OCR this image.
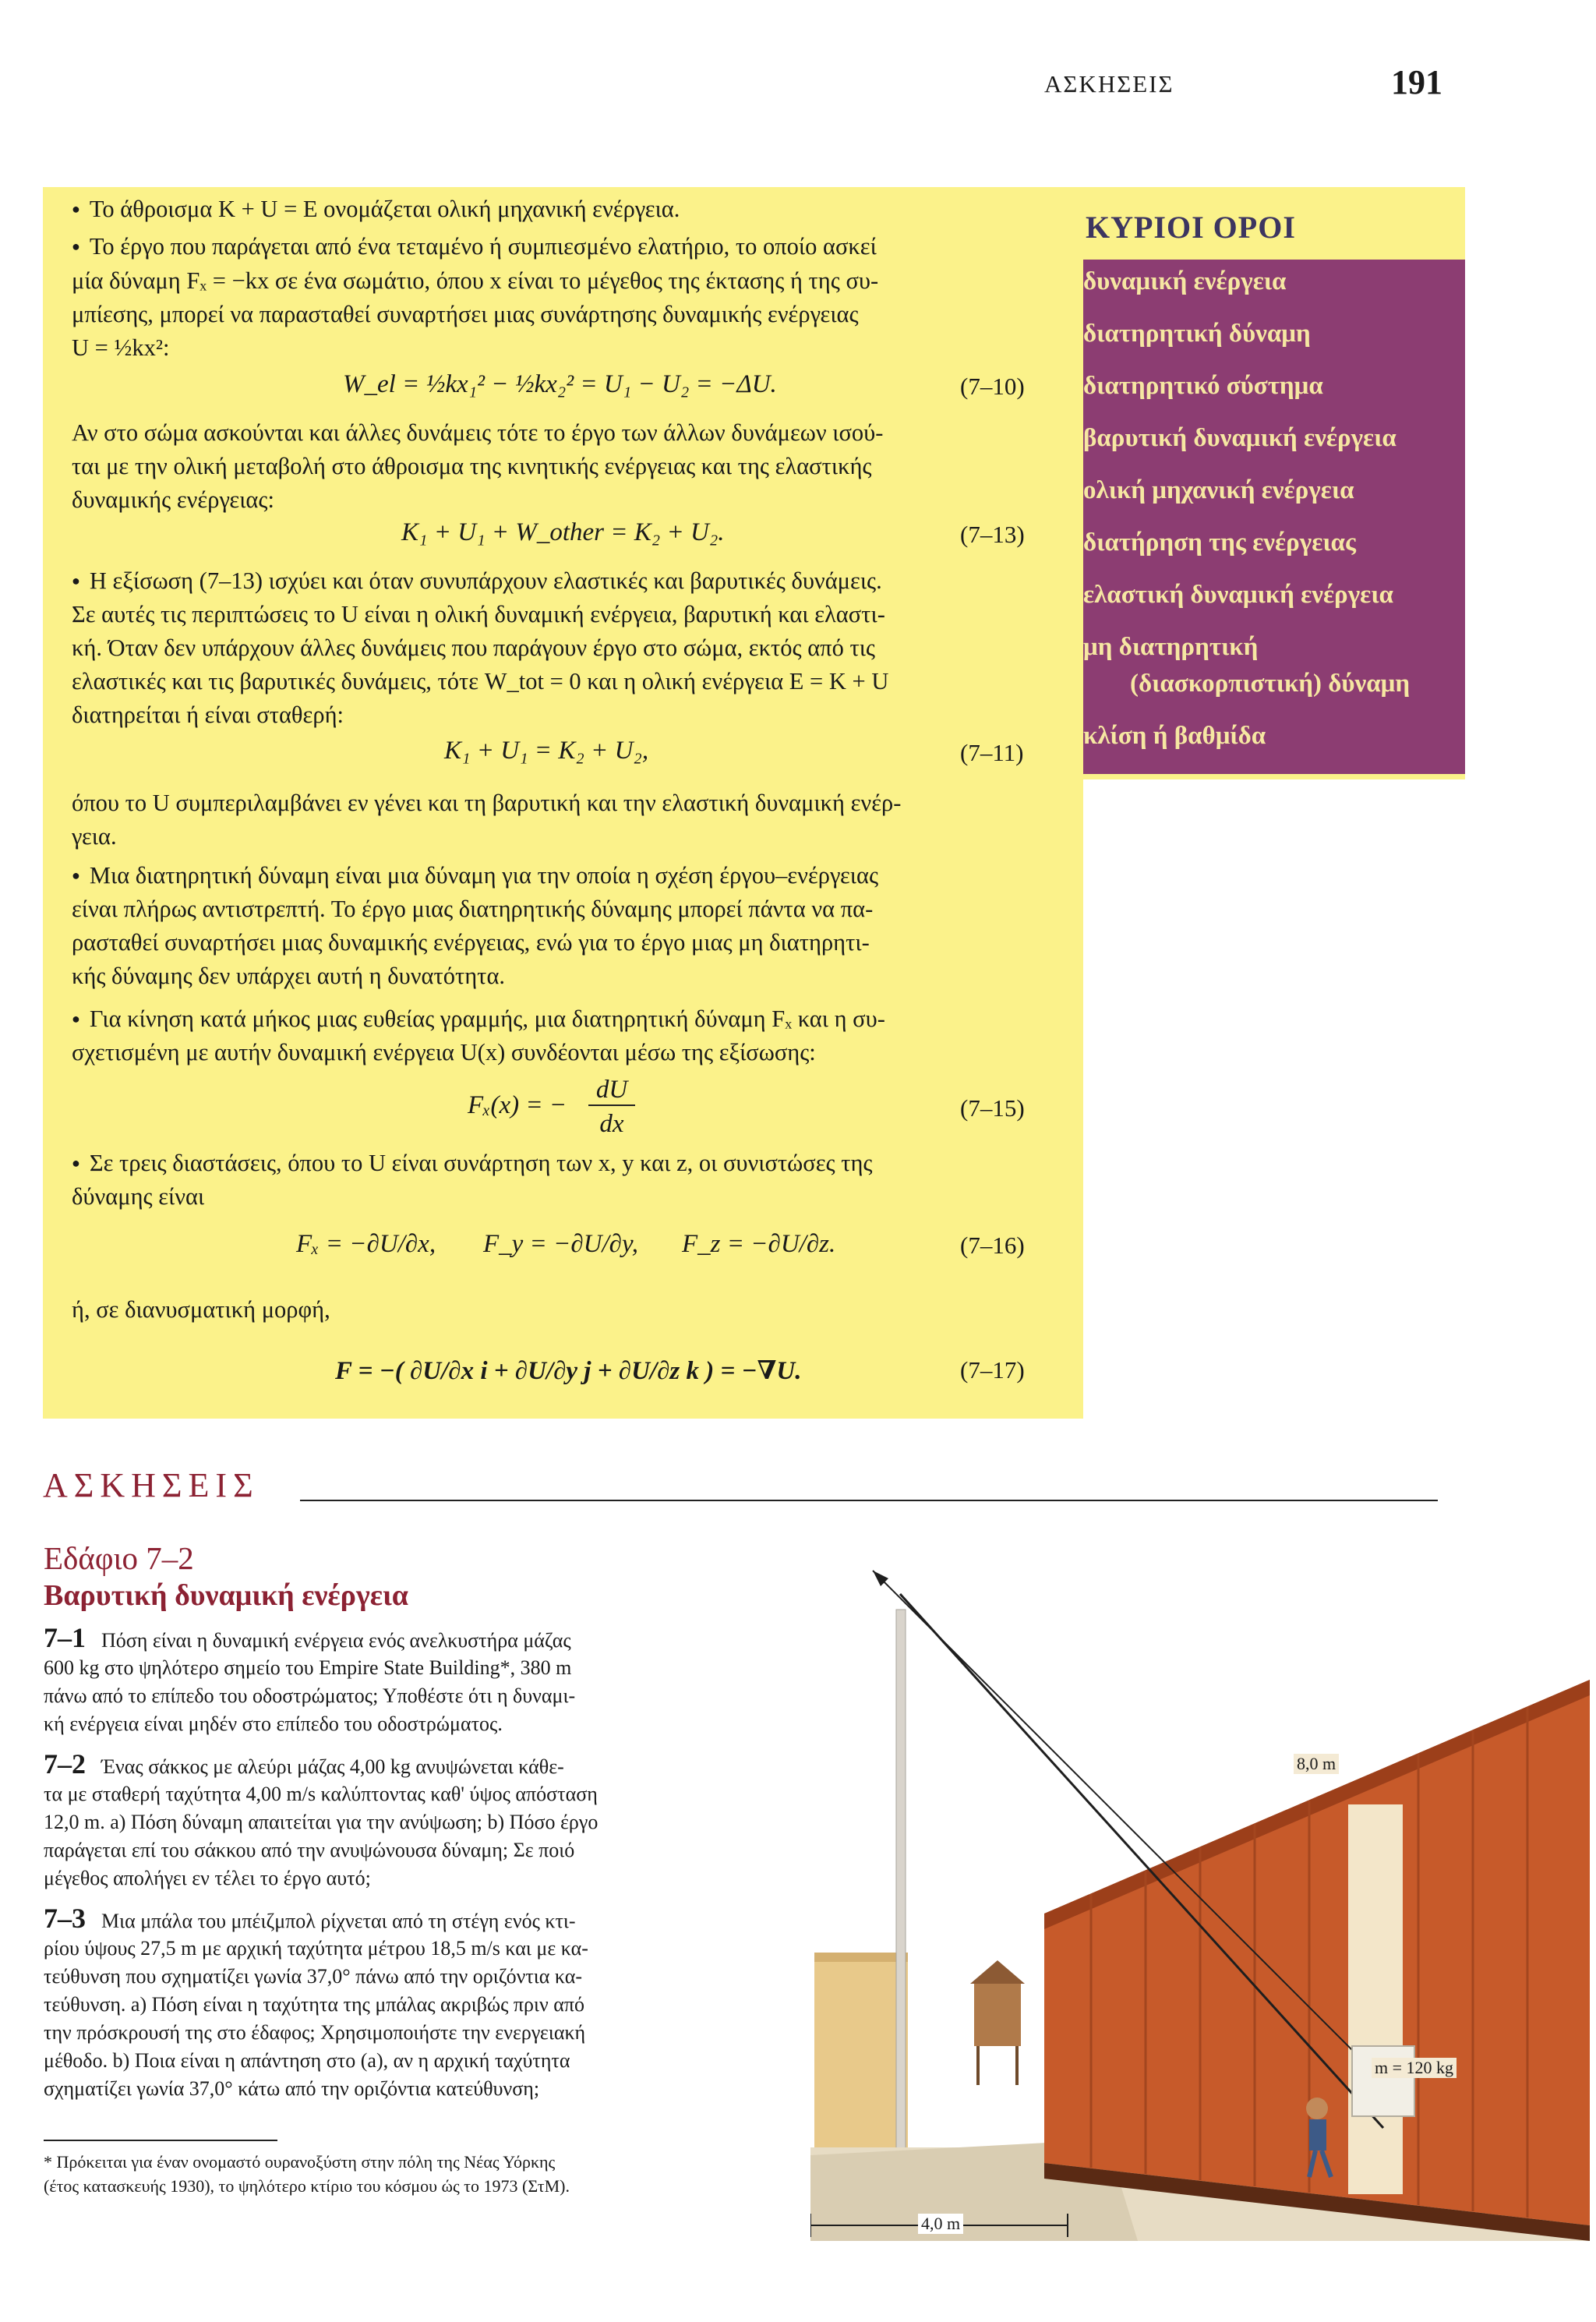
ΑΣΚΗΣΕΙΣ	191
ΚΥΡΙΟΙ ΟΡΟΙ
δυναμική ενέργεια
διατηρητική δύναμη
διατηρητικό σύστημα
βαρυτική δυναμική ενέργεια
ολική μηχανική ενέργεια
διατήρηση της ενέργειας
ελαστική δυναμική ενέργεια
μη διατηρητική
(διασκορπιστική) δύναμη
κλίση ή βαθμίδα
● Το άθροισμα K + U = E ονομάζεται ολική μηχανική ενέργεια.
● Το έργο που παράγεται από ένα τεταμένο ή συμπιεσμένο ελατήριο, το οποίο ασκεί
μία δύναμη Fₓ = −kx σε ένα σωμάτιο, όπου x είναι το μέγεθος της έκτασης ή της συ-
μπίεσης, μπορεί να παρασταθεί συναρτήσει μιας συνάρτησης δυναμικής ενέργειας
U = ½kx²:
W_el = ½kx₁² − ½kx₂² = U₁ − U₂ = −ΔU.	(7–10)
Αν στο σώμα ασκούνται και άλλες δυνάμεις τότε το έργο των άλλων δυνάμεων ισού-
ται με την ολική μεταβολή στο άθροισμα της κινητικής ενέργειας και της ελαστικής
δυναμικής ενέργειας:
K₁ + U₁ + W_other = K₂ + U₂.	(7–13)
● Η εξίσωση (7–13) ισχύει και όταν συνυπάρχουν ελαστικές και βαρυτικές δυνάμεις.
Σε αυτές τις περιπτώσεις το U είναι η ολική δυναμική ενέργεια, βαρυτική και ελαστι-
κή. Όταν δεν υπάρχουν άλλες δυνάμεις που παράγουν έργο στο σώμα, εκτός από τις
ελαστικές και τις βαρυτικές δυνάμεις, τότε W_tot = 0 και η ολική ενέργεια E = K + U
διατηρείται ή είναι σταθερή:
K₁ + U₁ = K₂ + U₂,	(7–11)
όπου το U συμπεριλαμβάνει εν γένει και τη βαρυτική και την ελαστική δυναμική ενέρ-
γεια.
● Μια διατηρητική δύναμη είναι μια δύναμη για την οποία η σχέση έργου–ενέργειας
είναι πλήρως αντιστρεπτή. Το έργο μιας διατηρητικής δύναμης μπορεί πάντα να πα-
ρασταθεί συναρτήσει μιας δυναμικής ενέργειας, ενώ για το έργο μιας μη διατηρητι-
κής δύναμης δεν υπάρχει αυτή η δυνατότητα.
● Για κίνηση κατά μήκος μιας ευθείας γραμμής, μια διατηρητική δύναμη Fₓ και η συ-
σχετισμένη με αυτήν δυναμική ενέργεια U(x) συνδέονται μέσω της εξίσωσης:
Fₓ(x) = −
dU
dx
(7–15)
● Σε τρεις διαστάσεις, όπου το U είναι συνάρτηση των x, y και z, οι συνιστώσες της
δύναμης είναι
Fₓ = −∂U/∂x, F_y = −∂U/∂y, F_z = −∂U/∂z.	(7–16)
ή, σε διανυσματική μορφή,
F = −( ∂U/∂x i + ∂U/∂y j + ∂U/∂z k ) = −∇U.	(7–17)
ΑΣΚΗΣΕΙΣ
Εδάφιο 7–2
Βαρυτική δυναμική ενέργεια
7–1 Πόση είναι η δυναμική ενέργεια ενός ανελκυστήρα μάζας
600 kg στο ψηλότερο σημείο του Empire State Building*, 380 m
πάνω από το επίπεδο του οδοστρώματος; Υποθέστε ότι η δυναμι-
κή ενέργεια είναι μηδέν στο επίπεδο του οδοστρώματος.
7–2 Ένας σάκκος με αλεύρι μάζας 4,00 kg ανυψώνεται κάθε-
τα με σταθερή ταχύτητα 4,00 m/s καλύπτοντας καθ' ύψος απόσταση
12,0 m. a) Πόση δύναμη απαιτείται για την ανύψωση; b) Πόσο έργο
παράγεται επί του σάκκου από την ανυψώνουσα δύναμη; Σε ποιό
μέγεθος απολήγει εν τέλει το έργο αυτό;
7–3 Μια μπάλα του μπέιζμπολ ρίχνεται από τη στέγη ενός κτι-
ρίου ύψους 27,5 m με αρχική ταχύτητα μέτρου 18,5 m/s και με κα-
τεύθυνση που σχηματίζει γωνία 37,0° πάνω από την οριζόντια κα-
τεύθυνση. a) Πόση είναι η ταχύτητα της μπάλας ακριβώς πριν από
την πρόσκρουσή της στο έδαφος; Χρησιμοποιήστε την ενεργειακή
μέθοδο. b) Ποια είναι η απάντηση στο (a), αν η αρχική ταχύτητα
σχηματίζει γωνία 37,0° κάτω από την οριζόντια κατεύθυνση;
* Πρόκειται για έναν ονομαστό ουρανοξύστη στην πόλη της Νέας Υόρκης
(έτος κατασκευής 1930), το ψηλότερο κτίριο του κόσμου ώς το 1973 (ΣτΜ).
8,0 m
m = 120 kg
4,0 m
